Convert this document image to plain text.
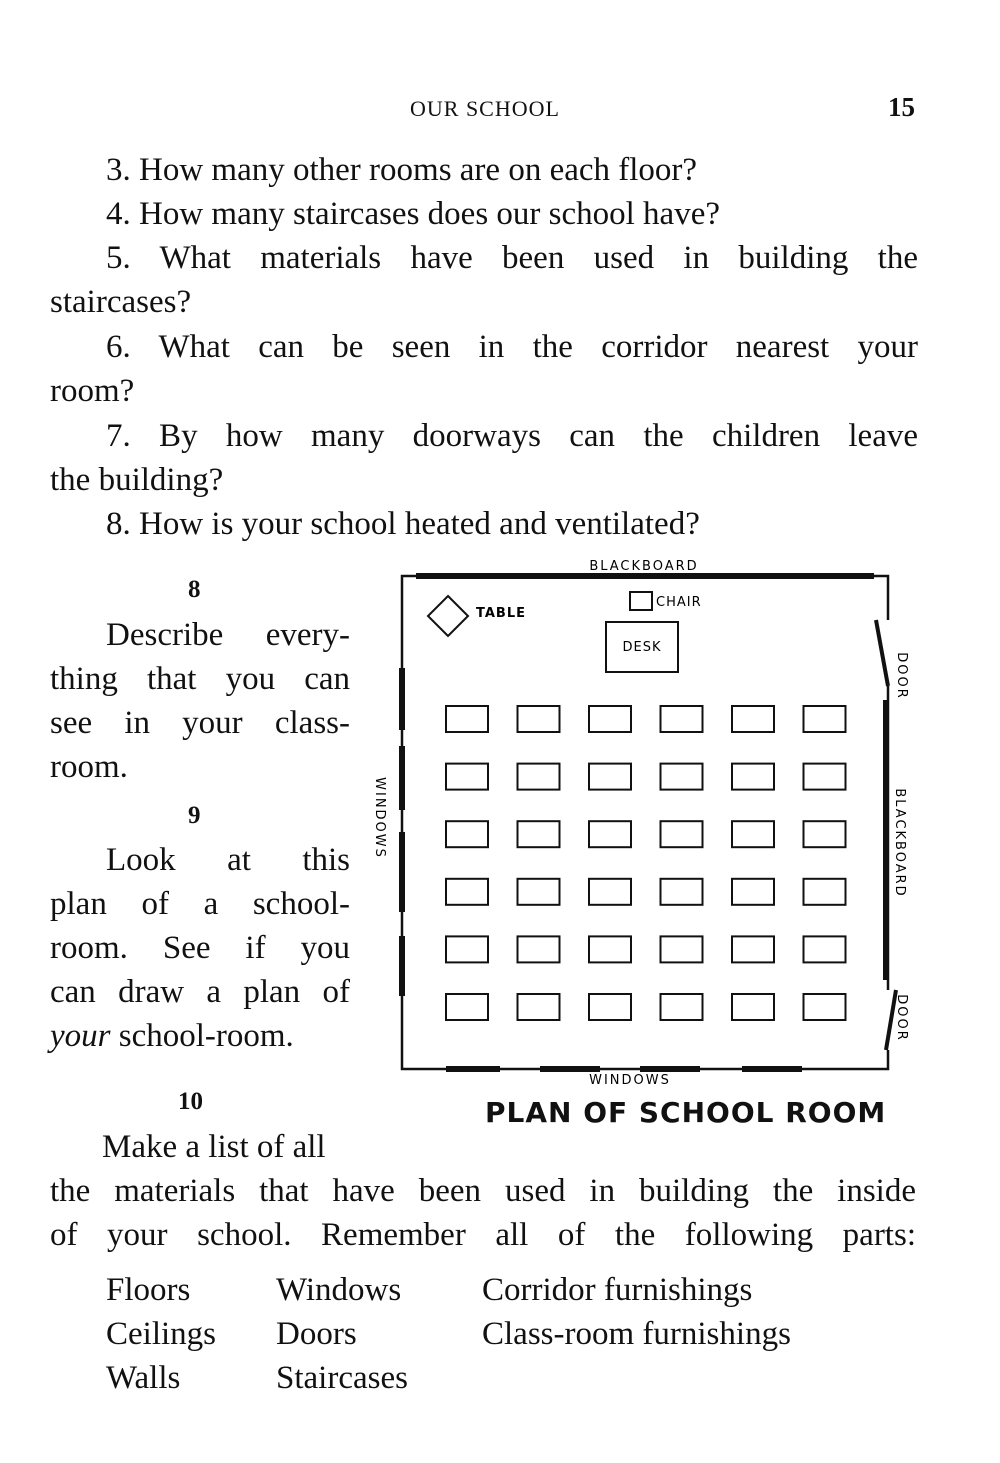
OUR SCHOOL	15
3. How many other rooms are on each floor?
4. How many staircases does our school have?
5. What materials have been used in building the
staircases?
6. What can be seen in the corridor nearest your
room?
7. By how many doorways can the children leave
the building?
8. How is your school heated and ventilated?
8
Describe every-
thing that you can
see in your class-
room.
9
Look at this
plan of a school-
room. See if you
can draw a plan of
your school-room.
10
Make a list of all
the materials that have been used in building the inside
of your school. Remember all of the following parts:
Floors
Ceilings
Walls
Windows
Doors
Staircases
Corridor furnishings
Class-room furnishings
BLACKBOARD
WINDOWS
WINDOWS	BLACKBOARD
DOOR
DOOR
TABLE
CHAIR
DESK
PLAN OF SCHOOL ROOM
